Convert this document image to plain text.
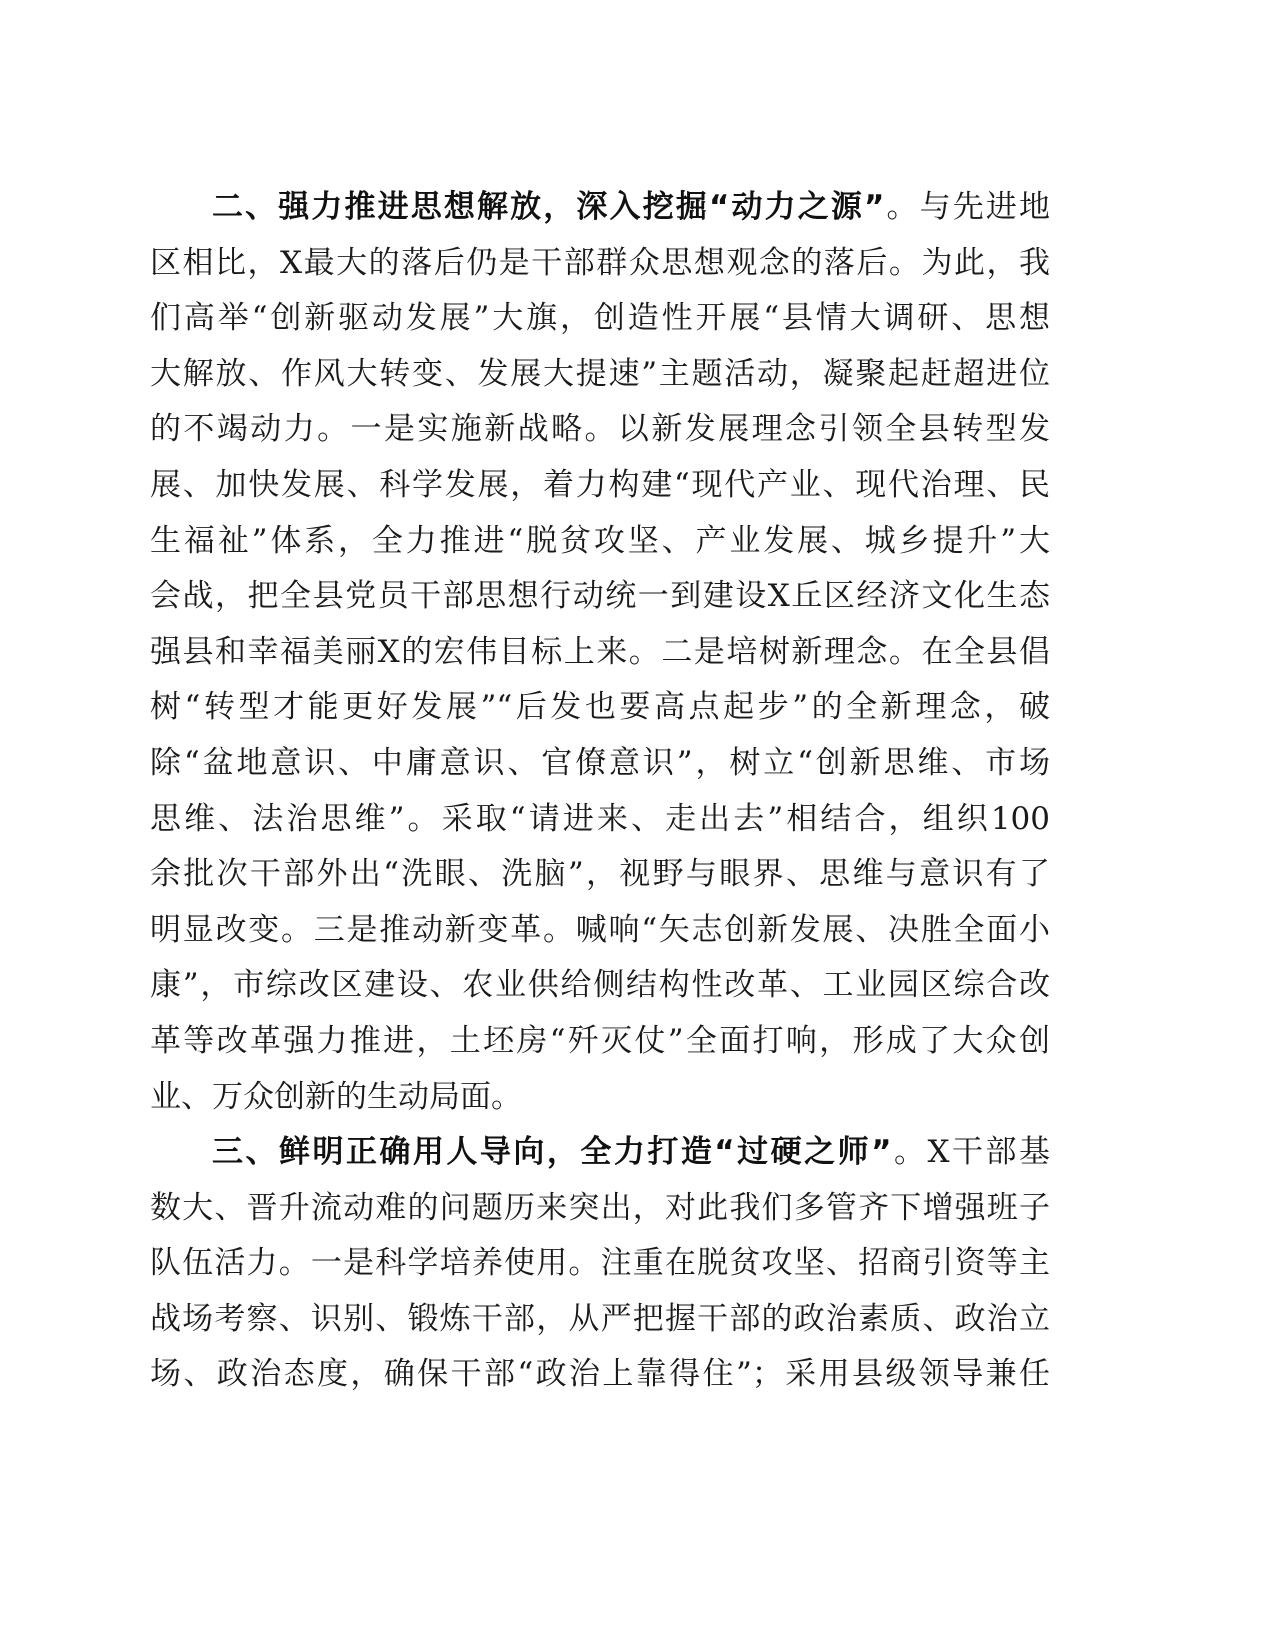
二、强力推进思想解放，深入挖掘“动力之源”。与先进地
区相比，X最大的落后仍是干部群众思想观念的落后。为此，我
们高举“创新驱动发展”大旗，创造性开展“县情大调研、思想
大解放、作风大转变、发展大提速”主题活动，凝聚起赶超进位
的不竭动力。一是实施新战略。以新发展理念引领全县转型发
展、加快发展、科学发展，着力构建“现代产业、现代治理、民
生福祉”体系，全力推进“脱贫攻坚、产业发展、城乡提升”大
会战，把全县党员干部思想行动统一到建设X丘区经济文化生态
强县和幸福美丽X的宏伟目标上来。二是培树新理念。在全县倡
树“转型才能更好发展”“后发也要高点起步”的全新理念，破
除“盆地意识、中庸意识、官僚意识”，树立“创新思维、市场
思维、法治思维”。采取“请进来、走出去”相结合，组织100
余批次干部外出“洗眼、洗脑”，视野与眼界、思维与意识有了
明显改变。三是推动新变革。喊响“矢志创新发展、决胜全面小
康”，市综改区建设、农业供给侧结构性改革、工业园区综合改
革等改革强力推进，土坯房“歼灭仗”全面打响，形成了大众创
业、万众创新的生动局面。
三、鲜明正确用人导向，全力打造“过硬之师”。X干部基
数大、晋升流动难的问题历来突出，对此我们多管齐下增强班子
队伍活力。一是科学培养使用。注重在脱贫攻坚、招商引资等主
战场考察、识别、锻炼干部，从严把握干部的政治素质、政治立
场、政治态度，确保干部“政治上靠得住”；采用县级领导兼任
